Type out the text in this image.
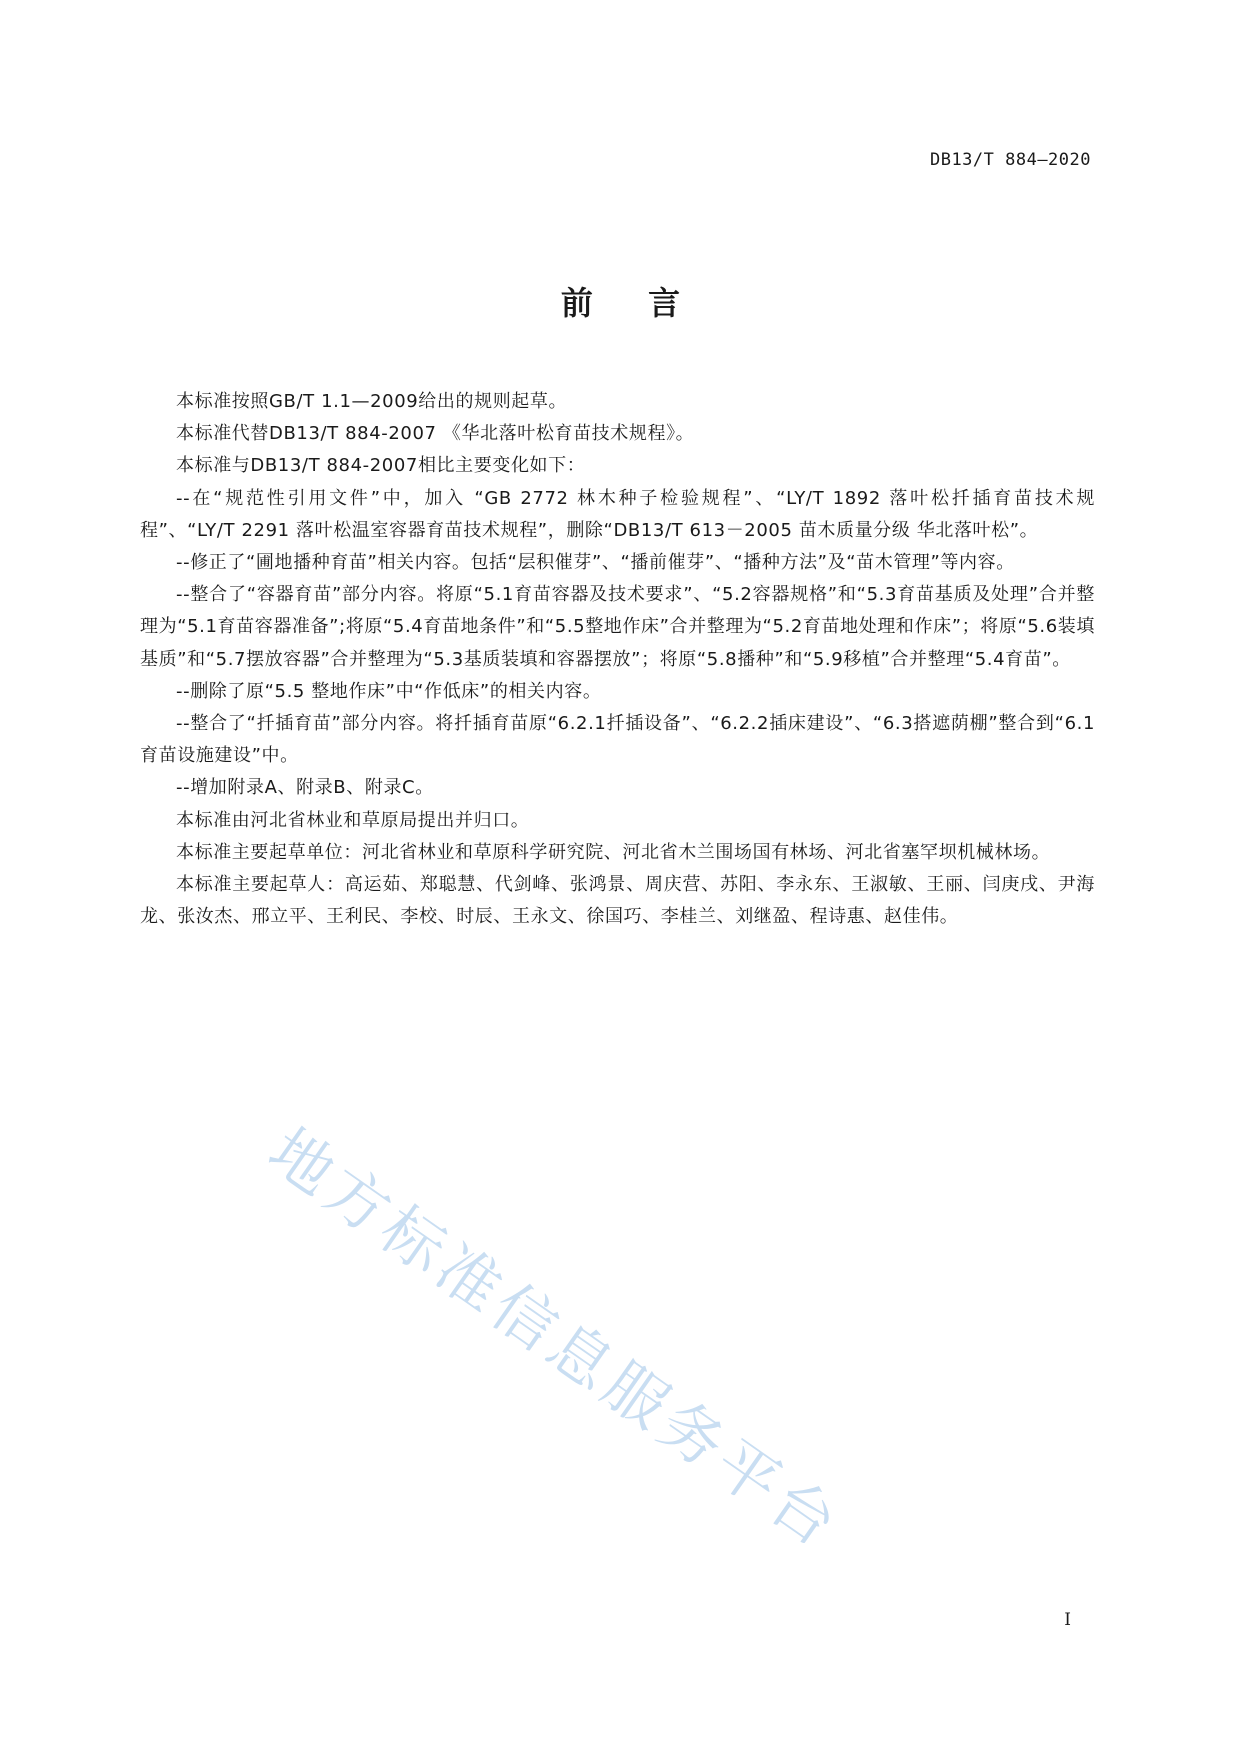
DB13/T 884—2020
前 言

本标准按照GB/T 1.1—2009给出的规则起草。

本标准代替DB13/T 884-2007 《华北落叶松育苗技术规程》。

本标准与DB13/T 884-2007相比主要变化如下：

--在“规范性引用文件”中，加入 “GB 2772 林木种子检验规程”、“LY/T 1892 落叶松扦插育苗技术规程”、“LY/T 2291 落叶松温室容器育苗技术规程”，删除“DB13/T 613－2005 苗木质量分级 华北落叶松”。

--修正了“圃地播种育苗”相关内容。包括“层积催芽”、“播前催芽”、“播种方法”及“苗木管理”等内容。

--整合了“容器育苗”部分内容。将原“5.1育苗容器及技术要求”、“5.2容器规格”和“5.3育苗基质及处理”合并整理为“5.1育苗容器准备”;将原“5.4育苗地条件”和“5.5整地作床”合并整理为“5.2育苗地处理和作床”；将原“5.6装填基质”和“5.7摆放容器”合并整理为“5.3基质装填和容器摆放”；将原“5.8播种”和“5.9移植”合并整理“5.4育苗”。

--删除了原“5.5 整地作床”中“作低床”的相关内容。

--整合了“扦插育苗”部分内容。将扦插育苗原“6.2.1扦插设备”、“6.2.2插床建设”、“6.3搭遮荫棚”整合到“6.1育苗设施建设”中。

--增加附录A、附录B、附录C。

本标准由河北省林业和草原局提出并归口。

本标准主要起草单位：河北省林业和草原科学研究院、河北省木兰围场国有林场、河北省塞罕坝机械林场。

本标准主要起草人：高运茹、郑聪慧、代剑峰、张鸿景、周庆营、苏阳、李永东、王淑敏、王丽、闫庚戌、尹海龙、张汝杰、邢立平、王利民、李校、时辰、王永文、徐国巧、李桂兰、刘继盈、程诗惠、赵佳伟。

地方标准信息服务平台
I
